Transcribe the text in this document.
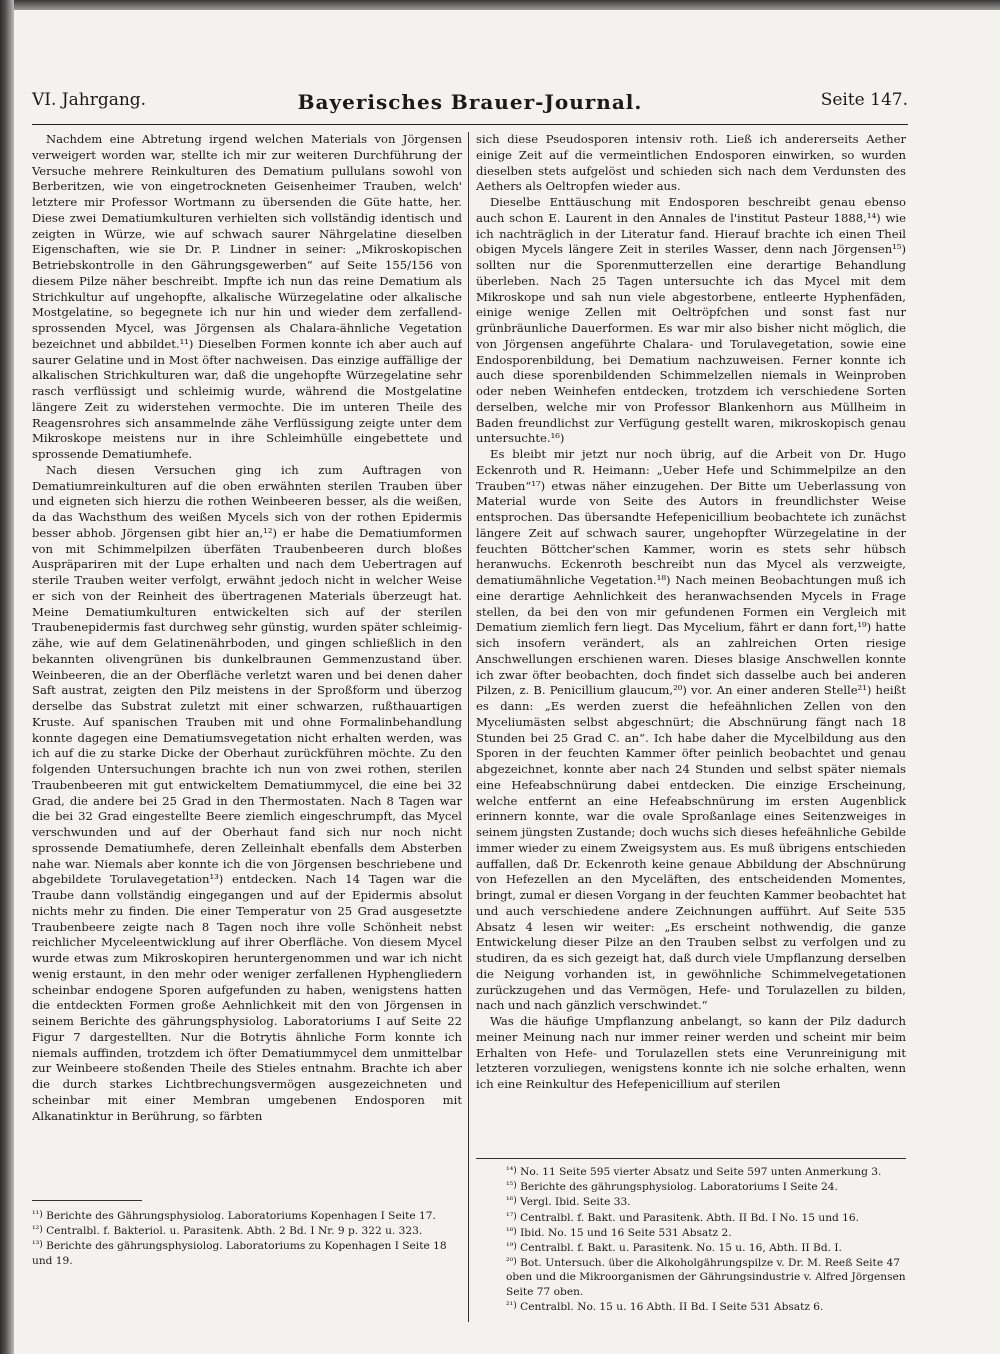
VI. Jahrgang.	Bayerisches Brauer-Journal.	Seite 147.

Nachdem eine Abtretung irgend welchen Materials von Jörgensen verweigert worden war, stellte ich mir zur weiteren Durchführung der Versuche mehrere Reinkulturen des Dematium pullulans sowohl von Berberitzen, wie von eingetrockneten Geisenheimer Trauben, welch' letztere mir Professor Wortmann zu übersenden die Güte hatte, her. Diese zwei Dematiumkulturen verhielten sich vollständig identisch und zeigten in Würze, wie auf schwach saurer Nährgelatine dieselben Eigenschaften, wie sie Dr. P. Lindner in seiner: „Mikroskopischen Betriebskontrolle in den Gährungsgewerben“ auf Seite 155/156 von diesem Pilze näher beschreibt. Impfte ich nun das reine Dematium als Strichkultur auf ungehopfte, alkalische Würzegelatine oder alkalische Mostgelatine, so begegnete ich nur hin und wieder dem zerfallend-sprossenden Mycel, was Jörgensen als Chalara-ähnliche Vegetation bezeichnet und abbildet.¹¹) Dieselben Formen konnte ich aber auch auf saurer Gelatine und in Most öfter nachweisen. Das einzige auffällige der alkalischen Strichkulturen war, daß die ungehopfte Würzegelatine sehr rasch verflüssigt und schleimig wurde, während die Mostgelatine längere Zeit zu widerstehen vermochte. Die im unteren Theile des Reagensrohres sich ansammelnde zähe Verflüssigung zeigte unter dem Mikroskope meistens nur in ihre Schleimhülle eingebettete und sprossende Dematiumhefe.

Nach diesen Versuchen ging ich zum Auftragen von Dematiumreinkulturen auf die oben erwähnten sterilen Trauben über und eigneten sich hierzu die rothen Weinbeeren besser, als die weißen, da das Wachsthum des weißen Mycels sich von der rothen Epidermis besser abhob. Jörgensen gibt hier an,¹²) er habe die Dematiumformen von mit Schimmelpilzen überfäten Traubenbeeren durch bloßes Auspräpariren mit der Lupe erhalten und nach dem Uebertragen auf sterile Trauben weiter verfolgt, erwähnt jedoch nicht in welcher Weise er sich von der Reinheit des übertragenen Materials überzeugt hat. Meine Dematiumkulturen entwickelten sich auf der sterilen Traubenepidermis fast durchweg sehr günstig, wurden später schleimig-zähe, wie auf dem Gelatinenährboden, und gingen schließlich in den bekannten olivengrünen bis dunkelbraunen Gemmenzustand über. Weinbeeren, die an der Oberfläche verletzt waren und bei denen daher Saft austrat, zeigten den Pilz meistens in der Sproßform und überzog derselbe das Substrat zuletzt mit einer schwarzen, rußthauartigen Kruste. Auf spanischen Trauben mit und ohne Formalinbehandlung konnte dagegen eine Dematiumsvegetation nicht erhalten werden, was ich auf die zu starke Dicke der Oberhaut zurückführen möchte. Zu den folgenden Untersuchungen brachte ich nun von zwei rothen, sterilen Traubenbeeren mit gut entwickeltem Dematiummycel, die eine bei 32 Grad, die andere bei 25 Grad in den Thermostaten. Nach 8 Tagen war die bei 32 Grad eingestellte Beere ziemlich eingeschrumpft, das Mycel verschwunden und auf der Oberhaut fand sich nur noch nicht sprossende Dematiumhefe, deren Zelleinhalt ebenfalls dem Absterben nahe war. Niemals aber konnte ich die von Jörgensen beschriebene und abgebildete Torulavegetation¹³) entdecken. Nach 14 Tagen war die Traube dann vollständig eingegangen und auf der Epidermis absolut nichts mehr zu finden. Die einer Temperatur von 25 Grad ausgesetzte Traubenbeere zeigte nach 8 Tagen noch ihre volle Schönheit nebst reichlicher Myceleentwicklung auf ihrer Oberfläche. Von diesem Mycel wurde etwas zum Mikroskopiren heruntergenommen und war ich nicht wenig erstaunt, in den mehr oder weniger zerfallenen Hyphengliedern scheinbar endogene Sporen aufgefunden zu haben, wenigstens hatten die entdeckten Formen große Aehnlichkeit mit den von Jörgensen in seinem Berichte des gährungsphysiolog. Laboratoriums I auf Seite 22 Figur 7 dargestellten. Nur die Botrytis ähnliche Form konnte ich niemals auffinden, trotzdem ich öfter Dematiummycel dem unmittelbar zur Weinbeere stoßenden Theile des Stieles entnahm. Brachte ich aber die durch starkes Lichtbrechungsvermögen ausgezeichneten und scheinbar mit einer Membran umgebenen Endosporen mit Alkanatinktur in Berührung, so färbten

sich diese Pseudosporen intensiv roth. Ließ ich andererseits Aether einige Zeit auf die vermeintlichen Endosporen einwirken, so wurden dieselben stets aufgelöst und schieden sich nach dem Verdunsten des Aethers als Oeltropfen wieder aus.

Dieselbe Enttäuschung mit Endosporen beschreibt genau ebenso auch schon E. Laurent in den Annales de l'institut Pasteur 1888,¹⁴) wie ich nachträglich in der Literatur fand. Hierauf brachte ich einen Theil obigen Mycels längere Zeit in steriles Wasser, denn nach Jörgensen¹⁵) sollten nur die Sporenmutterzellen eine derartige Behandlung überleben. Nach 25 Tagen untersuchte ich das Mycel mit dem Mikroskope und sah nun viele abgestorbene, entleerte Hyphenfäden, einige wenige Zellen mit Oeltröpfchen und sonst fast nur grünbräunliche Dauerformen. Es war mir also bisher nicht möglich, die von Jörgensen angeführte Chalara- und Torulavegetation, sowie eine Endosporenbildung, bei Dematium nachzuweisen. Ferner konnte ich auch diese sporenbildenden Schimmelzellen niemals in Weinproben oder neben Weinhefen entdecken, trotzdem ich verschiedene Sorten derselben, welche mir von Professor Blankenhorn aus Müllheim in Baden freundlichst zur Verfügung gestellt waren, mikroskopisch genau untersuchte.¹⁶)

Es bleibt mir jetzt nur noch übrig, auf die Arbeit von Dr. Hugo Eckenroth und R. Heimann: „Ueber Hefe und Schimmelpilze an den Trauben“¹⁷) etwas näher einzugehen. Der Bitte um Ueberlassung von Material wurde von Seite des Autors in freundlichster Weise entsprochen. Das übersandte Hefepenicillium beobachtete ich zunächst längere Zeit auf schwach saurer, ungehopfter Würzegelatine in der feuchten Böttcher'schen Kammer, worin es stets sehr hübsch heranwuchs. Eckenroth beschreibt nun das Mycel als verzweigte, dematiumähnliche Vegetation.¹⁸) Nach meinen Beobachtungen muß ich eine derartige Aehnlichkeit des heranwachsenden Mycels in Frage stellen, da bei den von mir gefundenen Formen ein Vergleich mit Dematium ziemlich fern liegt. Das Mycelium, fährt er dann fort,¹⁹) hatte sich insofern verändert, als an zahlreichen Orten riesige Anschwellungen erschienen waren. Dieses blasige Anschwellen konnte ich zwar öfter beobachten, doch findet sich dasselbe auch bei anderen Pilzen, z. B. Penicillium glaucum,²⁰) vor. An einer anderen Stelle²¹) heißt es dann: „Es werden zuerst die hefeähnlichen Zellen von den Myceliumästen selbst abgeschnürt; die Abschnürung fängt nach 18 Stunden bei 25 Grad C. an“. Ich habe daher die Mycelbildung aus den Sporen in der feuchten Kammer öfter peinlich beobachtet und genau abgezeichnet, konnte aber nach 24 Stunden und selbst später niemals eine Hefeabschnürung dabei entdecken. Die einzige Erscheinung, welche entfernt an eine Hefeabschnürung im ersten Augenblick erinnern konnte, war die ovale Sproßanlage eines Seitenzweiges in seinem jüngsten Zustande; doch wuchs sich dieses hefeähnliche Gebilde immer wieder zu einem Zweigsystem aus. Es muß übrigens entschieden auffallen, daß Dr. Eckenroth keine genaue Abbildung der Abschnürung von Hefezellen an den Myceläften, des entscheidenden Momentes, bringt, zumal er diesen Vorgang in der feuchten Kammer beobachtet hat und auch verschiedene andere Zeichnungen aufführt. Auf Seite 535 Absatz 4 lesen wir weiter: „Es erscheint nothwendig, die ganze Entwickelung dieser Pilze an den Trauben selbst zu verfolgen und zu studiren, da es sich gezeigt hat, daß durch viele Umpflanzung derselben die Neigung vorhanden ist, in gewöhnliche Schimmelvegetationen zurückzugehen und das Vermögen, Hefe- und Torulazellen zu bilden, nach und nach gänzlich verschwindet.“

Was die häufige Umpflanzung anbelangt, so kann der Pilz dadurch meiner Meinung nach nur immer reiner werden und scheint mir beim Erhalten von Hefe- und Torulazellen stets eine Verunreinigung mit letzteren vorzuliegen, wenigstens konnte ich nie solche erhalten, wenn ich eine Reinkultur des Hefepenicillium auf sterilen

¹¹) Berichte des Gährungsphysiolog. Laboratoriums Kopenhagen I Seite 17.

¹²) Centralbl. f. Bakteriol. u. Parasitenk. Abth. 2 Bd. I Nr. 9 p. 322 u. 323.

¹³) Berichte des gährungsphysiolog. Laboratoriums zu Kopenhagen I Seite 18 und 19.

¹⁴) No. 11 Seite 595 vierter Absatz und Seite 597 unten Anmerkung 3.

¹⁵) Berichte des gährungsphysiolog. Laboratoriums I Seite 24.

¹⁶) Vergl. Ibid. Seite 33.

¹⁷) Centralbl. f. Bakt. und Parasitenk. Abth. II Bd. I No. 15 und 16.

¹⁸) Ibid. No. 15 und 16 Seite 531 Absatz 2.

¹⁹) Centralbl. f. Bakt. u. Parasitenk. No. 15 u. 16, Abth. II Bd. I.

²⁰) Bot. Untersuch. über die Alkoholgährungspilze v. Dr. M. Reeß Seite 47 oben und die Mikroorganismen der Gährungsindustrie v. Alfred Jörgensen Seite 77 oben.

²¹) Centralbl. No. 15 u. 16 Abth. II Bd. I Seite 531 Absatz 6.
